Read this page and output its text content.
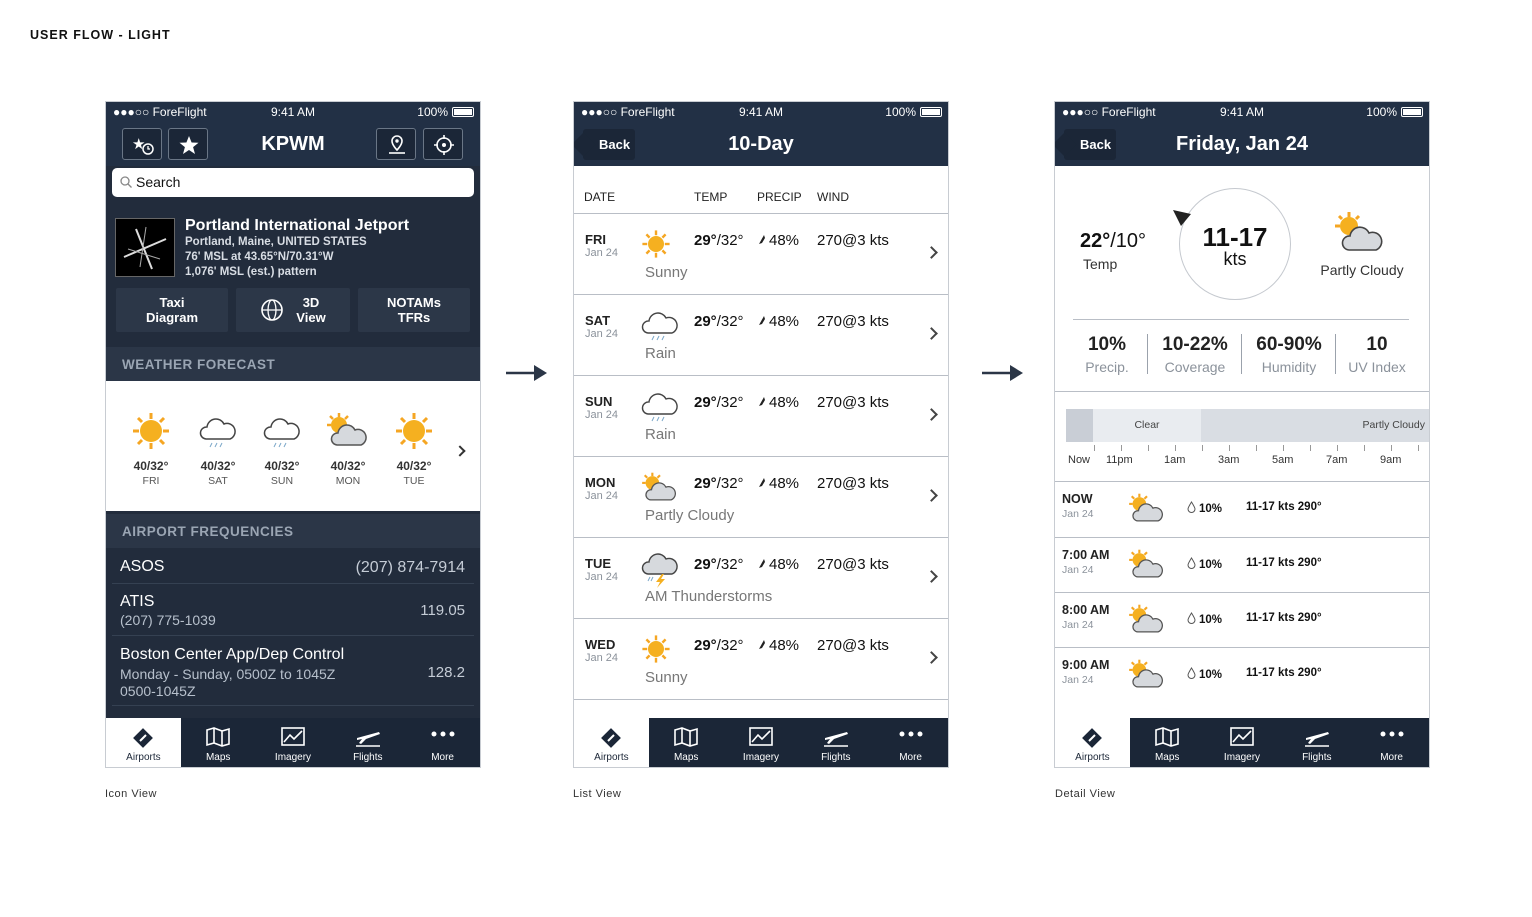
USER FLOW - LIGHT
Icon View	List View	Detail View
●●●○○ ForeFlight	9:41 AM	100%
★	KPWM
Search
Portland International Jetport
Portland, Maine, UNITED STATES
76' MSL at 43.65°N/70.31°W
1,076' MSL (est.) pattern
Taxi
Diagram
3D
View
NOTAMs
TFRs
WEATHER FORECAST
40/32°
FRI
40/32°
SAT
40/32°
SUN
40/32°
MON
40/32°
TUE
AIRPORT FREQUENCIES
ASOS	(207) 874-7914
ATIS
(207) 775-1039
119.05
Boston Center App/Dep Control
Monday - Sunday, 0500Z to 1045Z
0500-1045Z
128.2
Airports	Maps	Imagery	Flights	More
●●●○○ ForeFlight	9:41 AM	100%
Back	10-Day
DATE	TEMP PRECIP WIND
FRI
Jan 24
29°/32°	48% 270@3 kts
Sunny
SAT
Jan 24
29°/32°	48% 270@3 kts
Rain
SUN
Jan 24
29°/32°	48% 270@3 kts
Rain
MON
Jan 24
29°/32°	48% 270@3 kts
Partly Cloudy
TUE
Jan 24
29°/32°	48% 270@3 kts
AM Thunderstorms
WED
Jan 24
29°/32°	48% 270@3 kts
Sunny
Airports	Maps	Imagery	Flights	More
●●●○○ ForeFlight	9:41 AM	100%
Back	Friday, Jan 24
22°/10°
Temp
11-17
kts
Partly Cloudy
10%
Precip.
10-22%
Coverage
60-90%
Humidity
10
UV Index
Clear	Partly Cloudy
Now 11pm	1am	3am	5am	7am	9am
NOW
Jan 24	10% 11-17 kts 290°
7:00 AM
Jan 24	10% 11-17 kts 290°
8:00 AM
Jan 24	10% 11-17 kts 290°
9:00 AM
Jan 24	10% 11-17 kts 290°
Airports	Maps	Imagery	Flights	More
